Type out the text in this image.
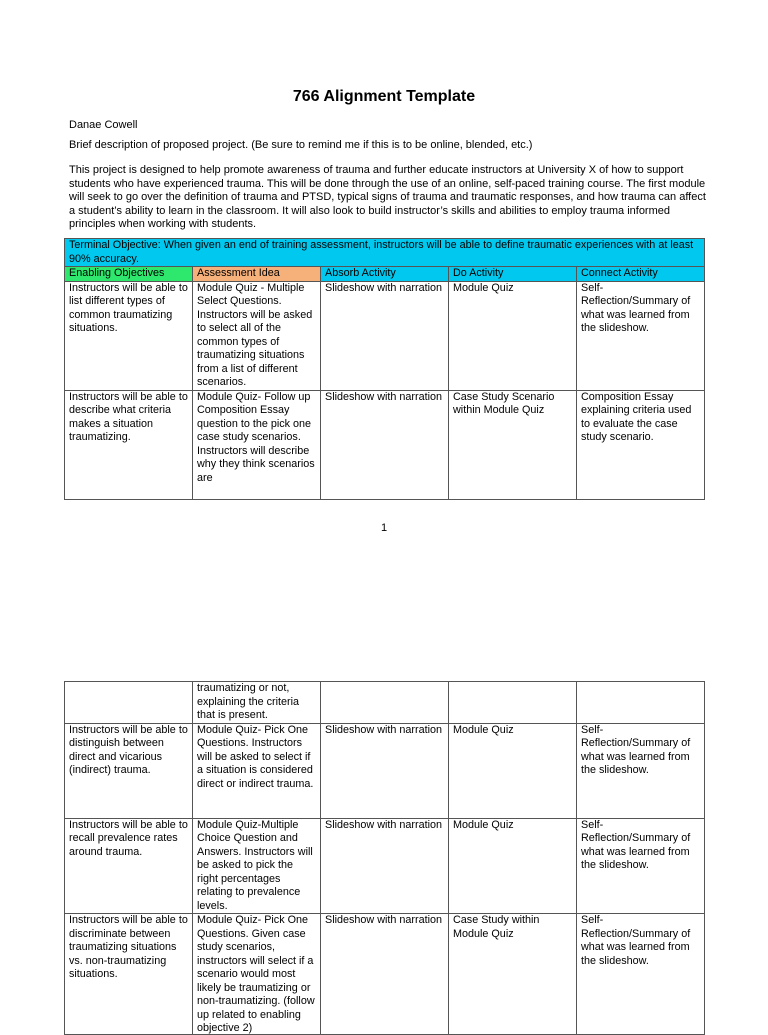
766 Alignment Template
Danae Cowell
Brief description of proposed project. (Be sure to remind me if this is to be online, blended, etc.)
This project is designed to help promote awareness of trauma and further educate instructors at University X of how to support students who have experienced trauma. This will be done through the use of an online, self-paced training course. The first module will seek to go over the definition of trauma and PTSD, typical signs of trauma and traumatic responses, and how trauma can affect a student’s ability to learn in the classroom. It will also look to build instructor’s skills and abilities to employ trauma informed principles when working with students.
Terminal Objective: When given an end of training assessment, instructors will be able to define traumatic experiences with at least 90% accuracy.				
Enabling Objectives	Assessment Idea	Absorb Activity	Do Activity	Connect Activity
Instructors will be able to list different types of common traumatizing situations.	Module Quiz - Multiple Select Questions. Instructors will be asked to select all of the common types of traumatizing situations from a list of different scenarios.	Slideshow with narration	Module Quiz	Self-Reflection/Summary of what was learned from the slideshow.
Instructors will be able to describe what criteria makes a situation traumatizing.	Module Quiz- Follow up Composition Essay question to the pick one case study scenarios. Instructors will describe why they think scenarios are	Slideshow with narration	Case Study Scenario within Module Quiz	Composition Essay explaining criteria used to evaluate the case study scenario.
1
	traumatizing or not, explaining the criteria that is present.			
Instructors will be able to distinguish between direct and vicarious (indirect) trauma.	Module Quiz- Pick One Questions. Instructors will be asked to select if a situation is considered direct or indirect trauma.	Slideshow with narration	Module Quiz	Self-Reflection/Summary of what was learned from the slideshow.
Instructors will be able to recall prevalence rates around trauma.	Module Quiz-Multiple Choice Question and Answers. Instructors will be asked to pick the right percentages relating to prevalence levels.	Slideshow with narration	Module Quiz	Self-Reflection/Summary of what was learned from the slideshow.
Instructors will be able to discriminate between traumatizing situations vs. non-traumatizing situations.	Module Quiz- Pick One Questions. Given case study scenarios, instructors will select if a scenario would most likely be traumatizing or non-traumatizing. (follow up related to enabling objective 2)	Slideshow with narration	Case Study within Module Quiz	Self-Reflection/Summary of what was learned from the slideshow.
